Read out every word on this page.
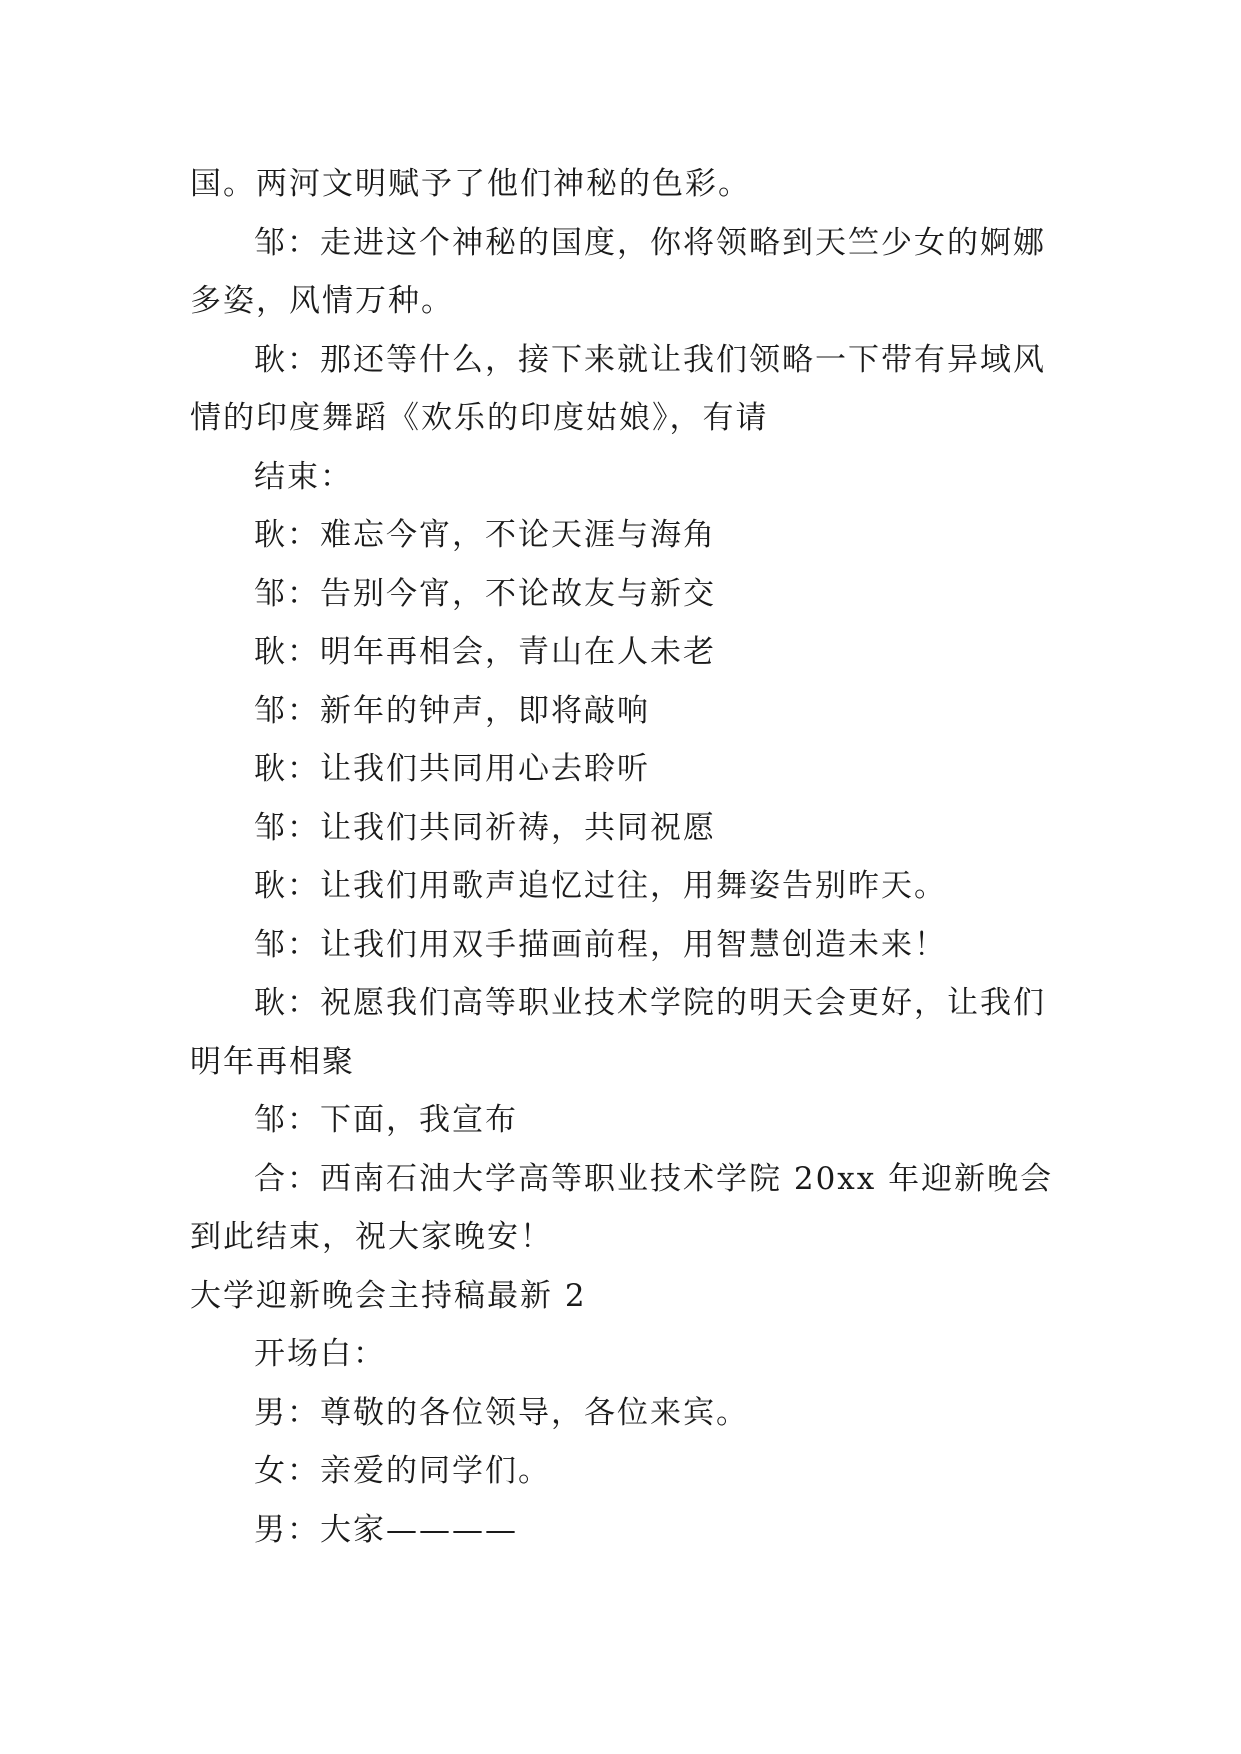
国。两河文明赋予了他们神秘的色彩。

邹：走进这个神秘的国度，你将领略到天竺少女的婀娜多姿，风情万种。

耿：那还等什么，接下来就让我们领略一下带有异域风情的印度舞蹈《欢乐的印度姑娘》，有请

结束：

耿：难忘今宵，不论天涯与海角

邹：告别今宵，不论故友与新交

耿：明年再相会，青山在人未老

邹：新年的钟声，即将敲响

耿：让我们共同用心去聆听

邹：让我们共同祈祷，共同祝愿

耿：让我们用歌声追忆过往，用舞姿告别昨天。

邹：让我们用双手描画前程，用智慧创造未来！

耿：祝愿我们高等职业技术学院的明天会更好，让我们明年再相聚

邹：下面，我宣布

合：西南石油大学高等职业技术学院 20xx 年迎新晚会到此结束，祝大家晚安！

大学迎新晚会主持稿最新 2

开场白：

男：尊敬的各位领导，各位来宾。

女：亲爱的同学们。

男：大家————
